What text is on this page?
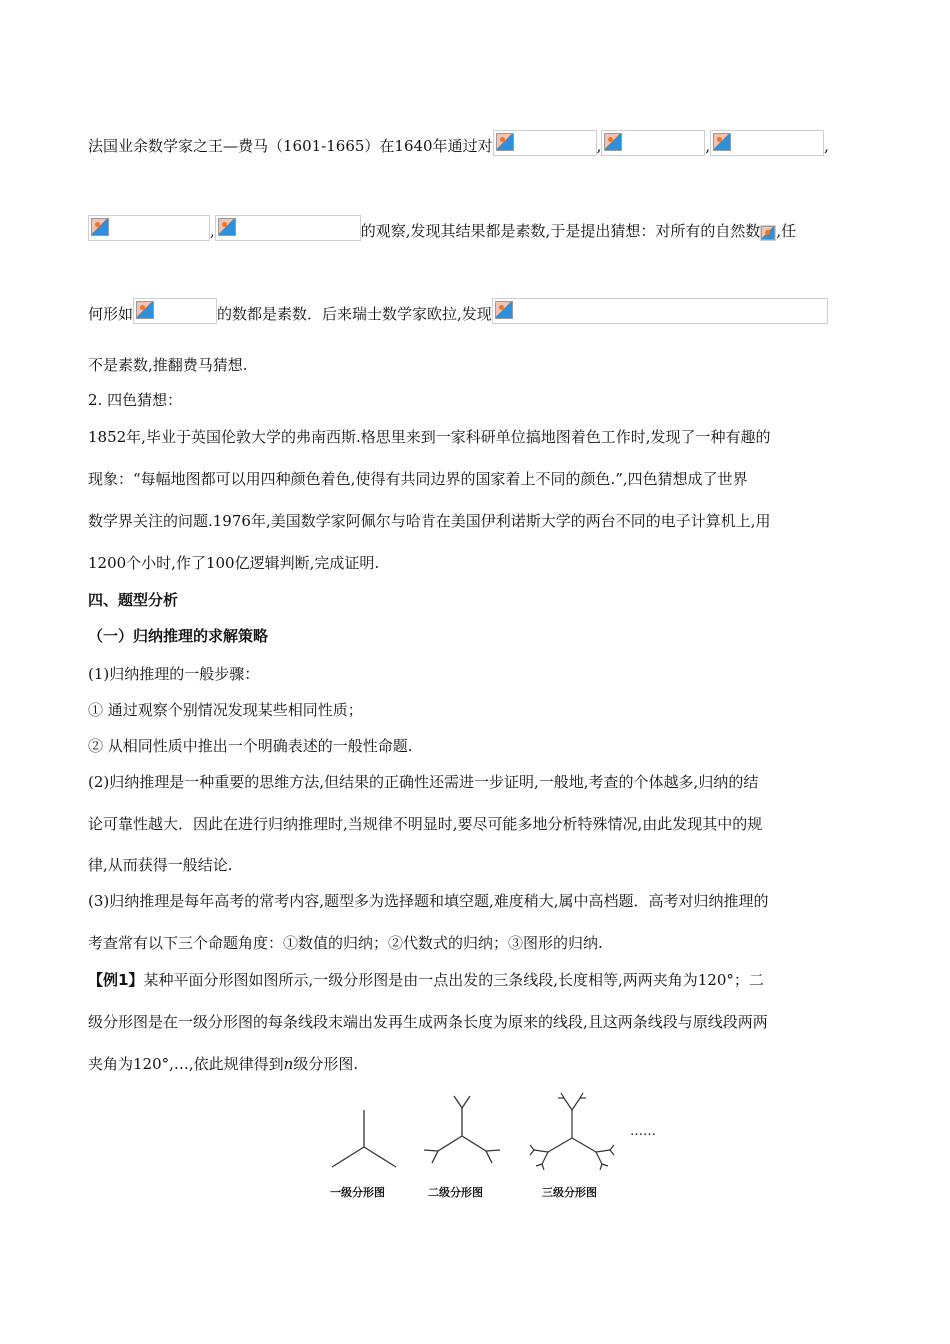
法国业余数学家之王—费马（1601-1665）在1640年通过对	,	,	,
,	的观察,发现其结果都是素数,于是提出猜想：对所有的自然数 ,任
何形如	的数都是素数．后来瑞士数学家欧拉,发现
不是素数,推翻费马猜想.
2. 四色猜想：
1852年,毕业于英国伦敦大学的弗南西斯.格思里来到一家科研单位搞地图着色工作时,发现了一种有趣的
现象：“每幅地图都可以用四种颜色着色,使得有共同边界的国家着上不同的颜色.”,四色猜想成了世界
数学界关注的问题.1976年,美国数学家阿佩尔与哈肯在美国伊利诺斯大学的两台不同的电子计算机上,用
1200个小时,作了100亿逻辑判断,完成证明.
四、题型分析
（一）归纳推理的求解策略
(1)归纳推理的一般步骤：
① 通过观察个别情况发现某些相同性质；
② 从相同性质中推出一个明确表述的一般性命题.
(2)归纳推理是一种重要的思维方法,但结果的正确性还需进一步证明,一般地,考查的个体越多,归纳的结
论可靠性越大．因此在进行归纳推理时,当规律不明显时,要尽可能多地分析特殊情况,由此发现其中的规
律,从而获得一般结论.
(3)归纳推理是每年高考的常考内容,题型多为选择题和填空题,难度稍大,属中高档题．高考对归纳推理的
考查常有以下三个命题角度：①数值的归纳；②代数式的归纳；③图形的归纳.
【例1】某种平面分形图如图所示,一级分形图是由一点出发的三条线段,长度相等,两两夹角为120°；二
级分形图是在一级分形图的每条线段末端出发再生成两条长度为原来的线段,且这两条线段与原线段两两
夹角为120°,…,依此规律得到n级分形图.
一级分形图	二级分形图	三级分形图
……
